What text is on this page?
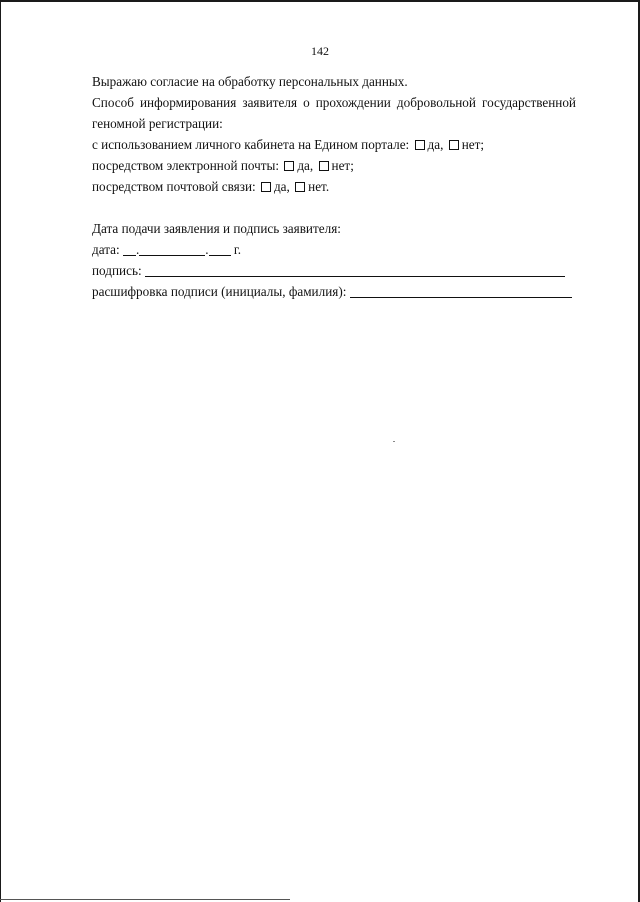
142
Выражаю согласие на обработку персональных данных.
Способ информирования заявителя о прохождении добровольной государственной
геномной регистрации:
с использованием личного кабинета на Едином портале: да, нет;
посредством электронной почты: да, нет;
посредством почтовой связи: да, нет.
Дата подачи заявления и подпись заявителя:
дата: .	. г.
подпись:
расшифровка подписи (инициалы, фамилия):
